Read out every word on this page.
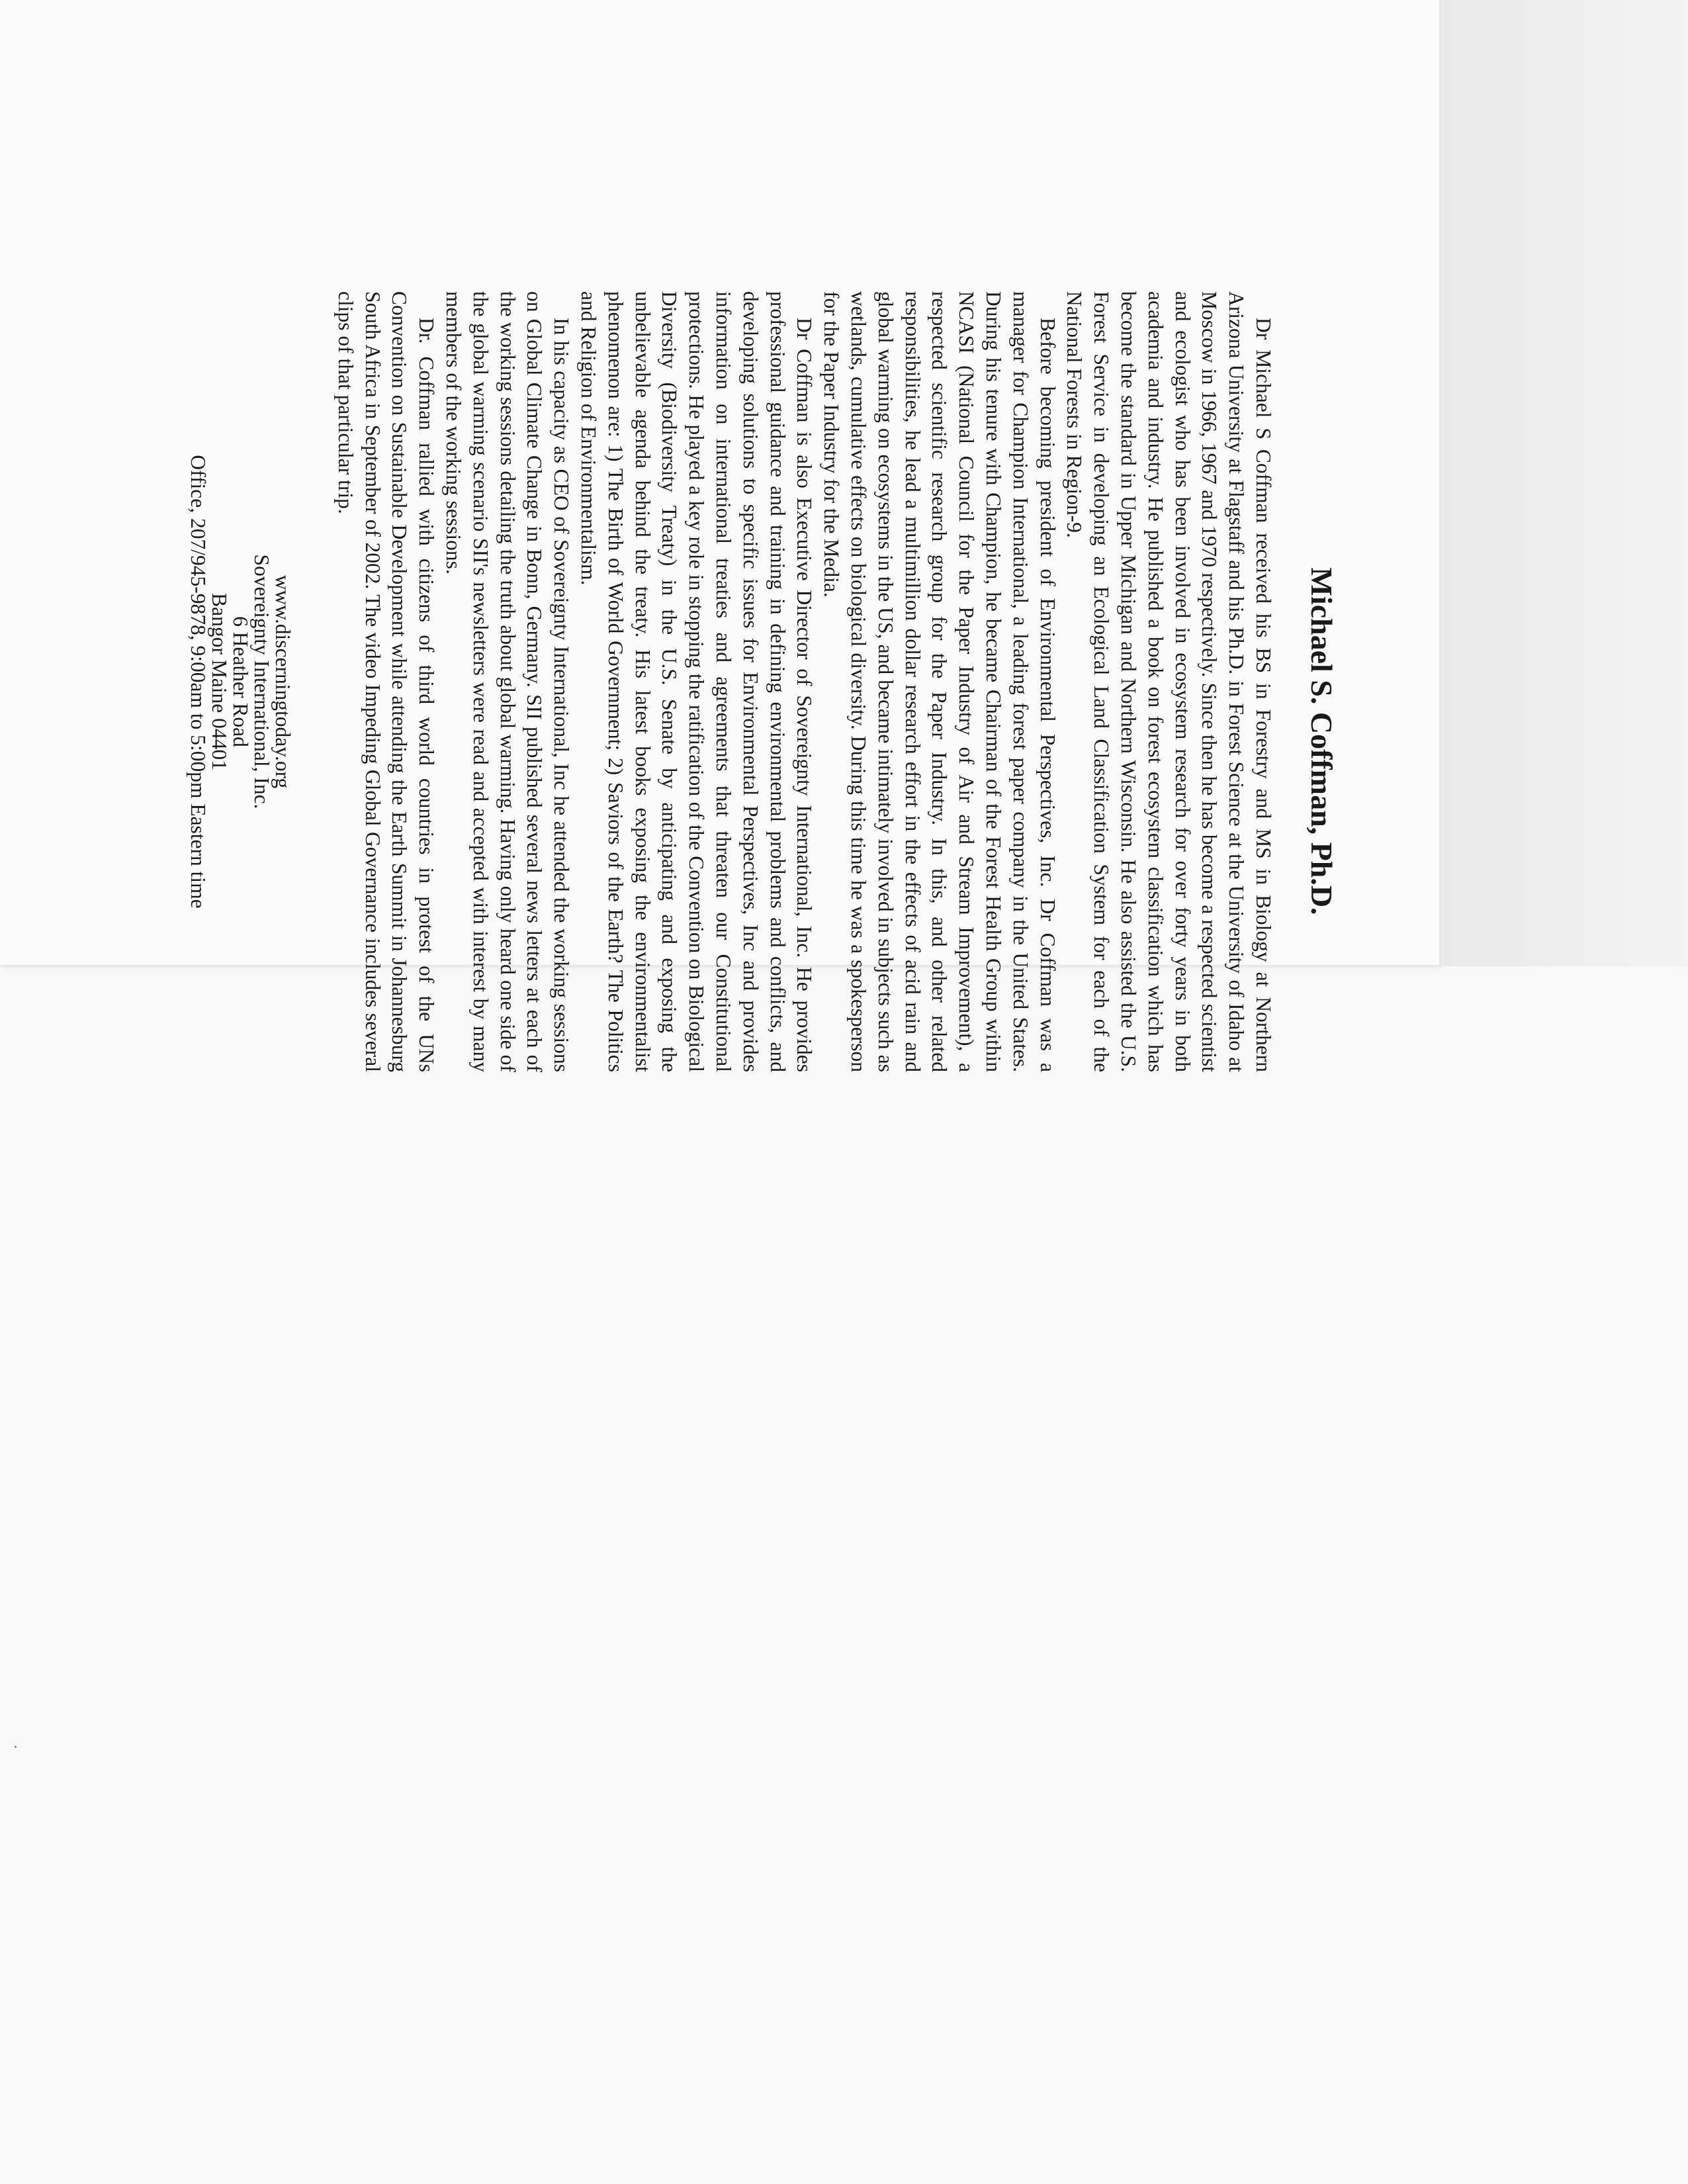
Michael S. Coffman, Ph.D.

Dr Michael S Coffman received his BS in Forestry and MS in Biology at Northern Arizona University at Flagstaff and his Ph.D. in Forest Science at the University of Idaho at Moscow in 1966, 1967 and 1970 respectively. Since then he has become a respected scientist and ecologist who has been involved in ecosystem research for over forty years in both academia and industry. He published a book on forest ecosystem classification which has become the standard in Upper Michigan and Northern Wisconsin. He also assisted the U.S. Forest Service in developing an Ecological Land Classification System for each of the National Forests in Region-9.

Before becoming president of Environmental Perspectives, Inc. Dr Coffman was a manager for Champion International, a leading forest paper company in the United States. During his tenure with Champion, he became Chairman of the Forest Health Group within NCASI (National Council for the Paper Industry of Air and Stream Improvement), a respected scientific research group for the Paper Industry. In this, and other related responsibilities, he lead a multimillion dollar research effort in the effects of acid rain and global warming on ecosystems in the US, and became intimately involved in subjects such as wetlands, cumulative effects on biological diversity. During this time he was a spokesperson for the Paper Industry for the Media.

Dr Coffman is also Executive Director of Sovereignty International, Inc. He provides professional guidance and training in defining environmental problems and conflicts, and developing solutions to specific issues for Environmental Perspectives, Inc and provides information on international treaties and agreements that threaten our Constitutional protections. He played a key role in stopping the ratification of the Convention on Biological Diversity (Biodiversity Treaty) in the U.S. Senate by anticipating and exposing the unbelievable agenda behind the treaty. His latest books exposing the environmentalist phenomenon are: 1) The Birth of World Government; 2) Saviors of the Earth? The Politics and Religion of Environmentalism.

In his capacity as CEO of Sovereignty International, Inc he attended the working sessions on Global Climate Change in Bonn, Germany. SII published several news letters at each of the working sessions detailing the truth about global warming. Having only heard one side of the global warming scenario SII's newsletters were read and accepted with interest by many members of the working sessions.

Dr. Coffman rallied with citizens of third world countries in protest of the UNs Convention on Sustainable Development while attending the Earth Summit in Johannesburg South Africa in September of 2002. The video Impeding Global Governance includes several clips of that particular trip.

www.discerningtoday.org
Sovereignty International, Inc.
6 Heather Road
Bangor Maine 04401
Office, 207/945-9878, 9:00am to 5:00pm Eastern time
